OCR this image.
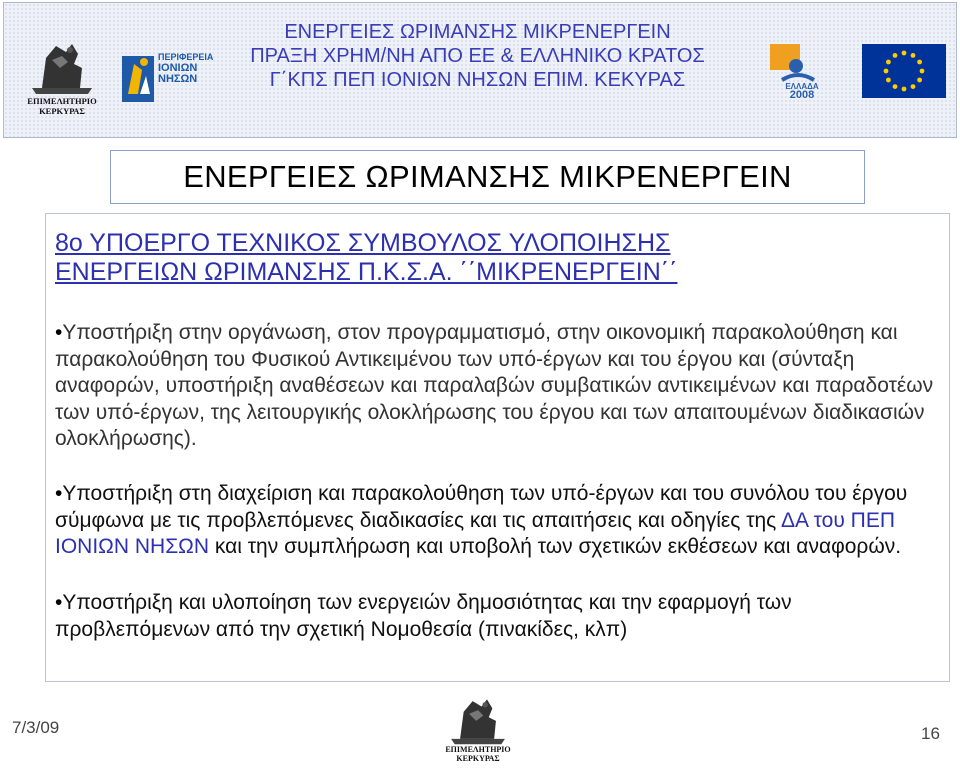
ΕΠΙΜΕΛΗΤΗΡΙΟ
ΚΕΡΚΥΡΑΣ
ΠΕΡΙΦΕΡΕΙΑ
ΙΟΝΙΩΝ
ΝΗΣΩΝ
ΕΝΕΡΓΕΙΕΣ ΩΡΙΜΑΝΣΗΣ ΜΙΚΡΕΝΕΡΓΕΙΝ
ΠΡΑΞΗ ΧΡΗΜ/ΝΗ ΑΠΟ ΕΕ & ΕΛΛΗΝΙΚΟ ΚΡΑΤΟΣ
Γ΄ΚΠΣ ΠΕΠ ΙΟΝΙΩΝ ΝΗΣΩΝ ΕΠΙΜ. ΚΕΚΥΡΑΣ	ΕΛΛΑΔΑ
2008
ΕΝΕΡΓΕΙΕΣ ΩΡΙΜΑΝΣΗΣ ΜΙΚΡΕΝΕΡΓΕΙΝ
8ο ΥΠΟΕΡΓΟ ΤΕΧΝΙΚΟΣ ΣΥΜΒΟΥΛΟΣ ΥΛΟΠΟΙΗΣΗΣ
ΕΝΕΡΓΕΙΩΝ ΩΡΙΜΑΝΣΗΣ Π.Κ.Σ.Α. ΄΄ΜΙΚΡΕΝΕΡΓΕΙΝ΄΄
•Υποστήριξη στην οργάνωση, στον προγραμματισμό, στην οικονομική παρακολούθηση και παρακολούθηση του Φυσικού Αντικειμένου των υπό-έργων και του έργου και (σύνταξη αναφορών, υποστήριξη αναθέσεων και παραλαβών συμβατικών αντικειμένων και παραδοτέων των υπό-έργων, της λειτουργικής ολοκλήρωσης του έργου και των απαιτουμένων διαδικασιών ολοκλήρωσης).
•Υποστήριξη στη διαχείριση και παρακολούθηση των υπό-έργων και του συνόλου του έργου σύμφωνα με τις προβλεπόμενες διαδικασίες και τις απαιτήσεις και οδηγίες της ΔΑ του ΠΕΠ ΙΟΝΙΩΝ ΝΗΣΩΝ και την συμπλήρωση και υποβολή των σχετικών εκθέσεων και αναφορών.
•Υποστήριξη και υλοποίηση των ενεργειών δημοσιότητας και την εφαρμογή των προβλεπόμενων από την σχετική Νομοθεσία (πινακίδες, κλπ)
7/3/09
ΕΠΙΜΕΛΗΤΗΡΙΟ
ΚΕΡΚΥΡΑΣ
16
